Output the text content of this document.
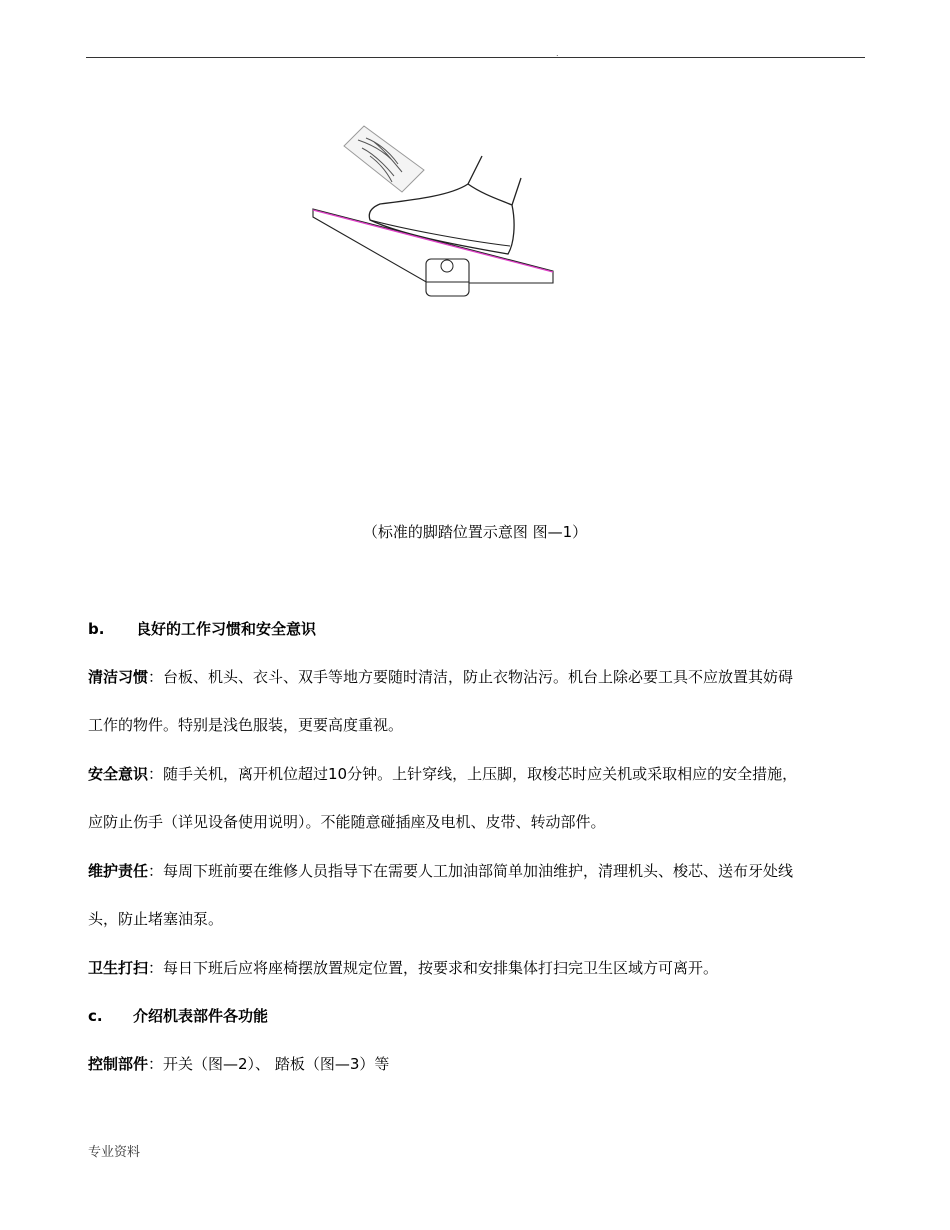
.
（标准的脚踏位置示意图 图—1）
b. 良好的工作习惯和安全意识
清洁习惯：台板、机头、衣斗、双手等地方要随时清洁，防止衣物沾污。机台上除必要工具不应放置其妨碍
工作的物件。特别是浅色服装，更要高度重视。
安全意识：随手关机，离开机位超过10分钟。上针穿线，上压脚，取梭芯时应关机或采取相应的安全措施，
应防止伤手（详见设备使用说明）。不能随意碰插座及电机、皮带、转动部件。
维护责任：每周下班前要在维修人员指导下在需要人工加油部简单加油维护，清理机头、梭芯、送布牙处线
头，防止堵塞油泵。
卫生打扫：每日下班后应将座椅摆放置规定位置，按要求和安排集体打扫完卫生区域方可离开。
c. 介绍机表部件各功能
控制部件：开关（图—2）、 踏板（图—3）等
专业资料
